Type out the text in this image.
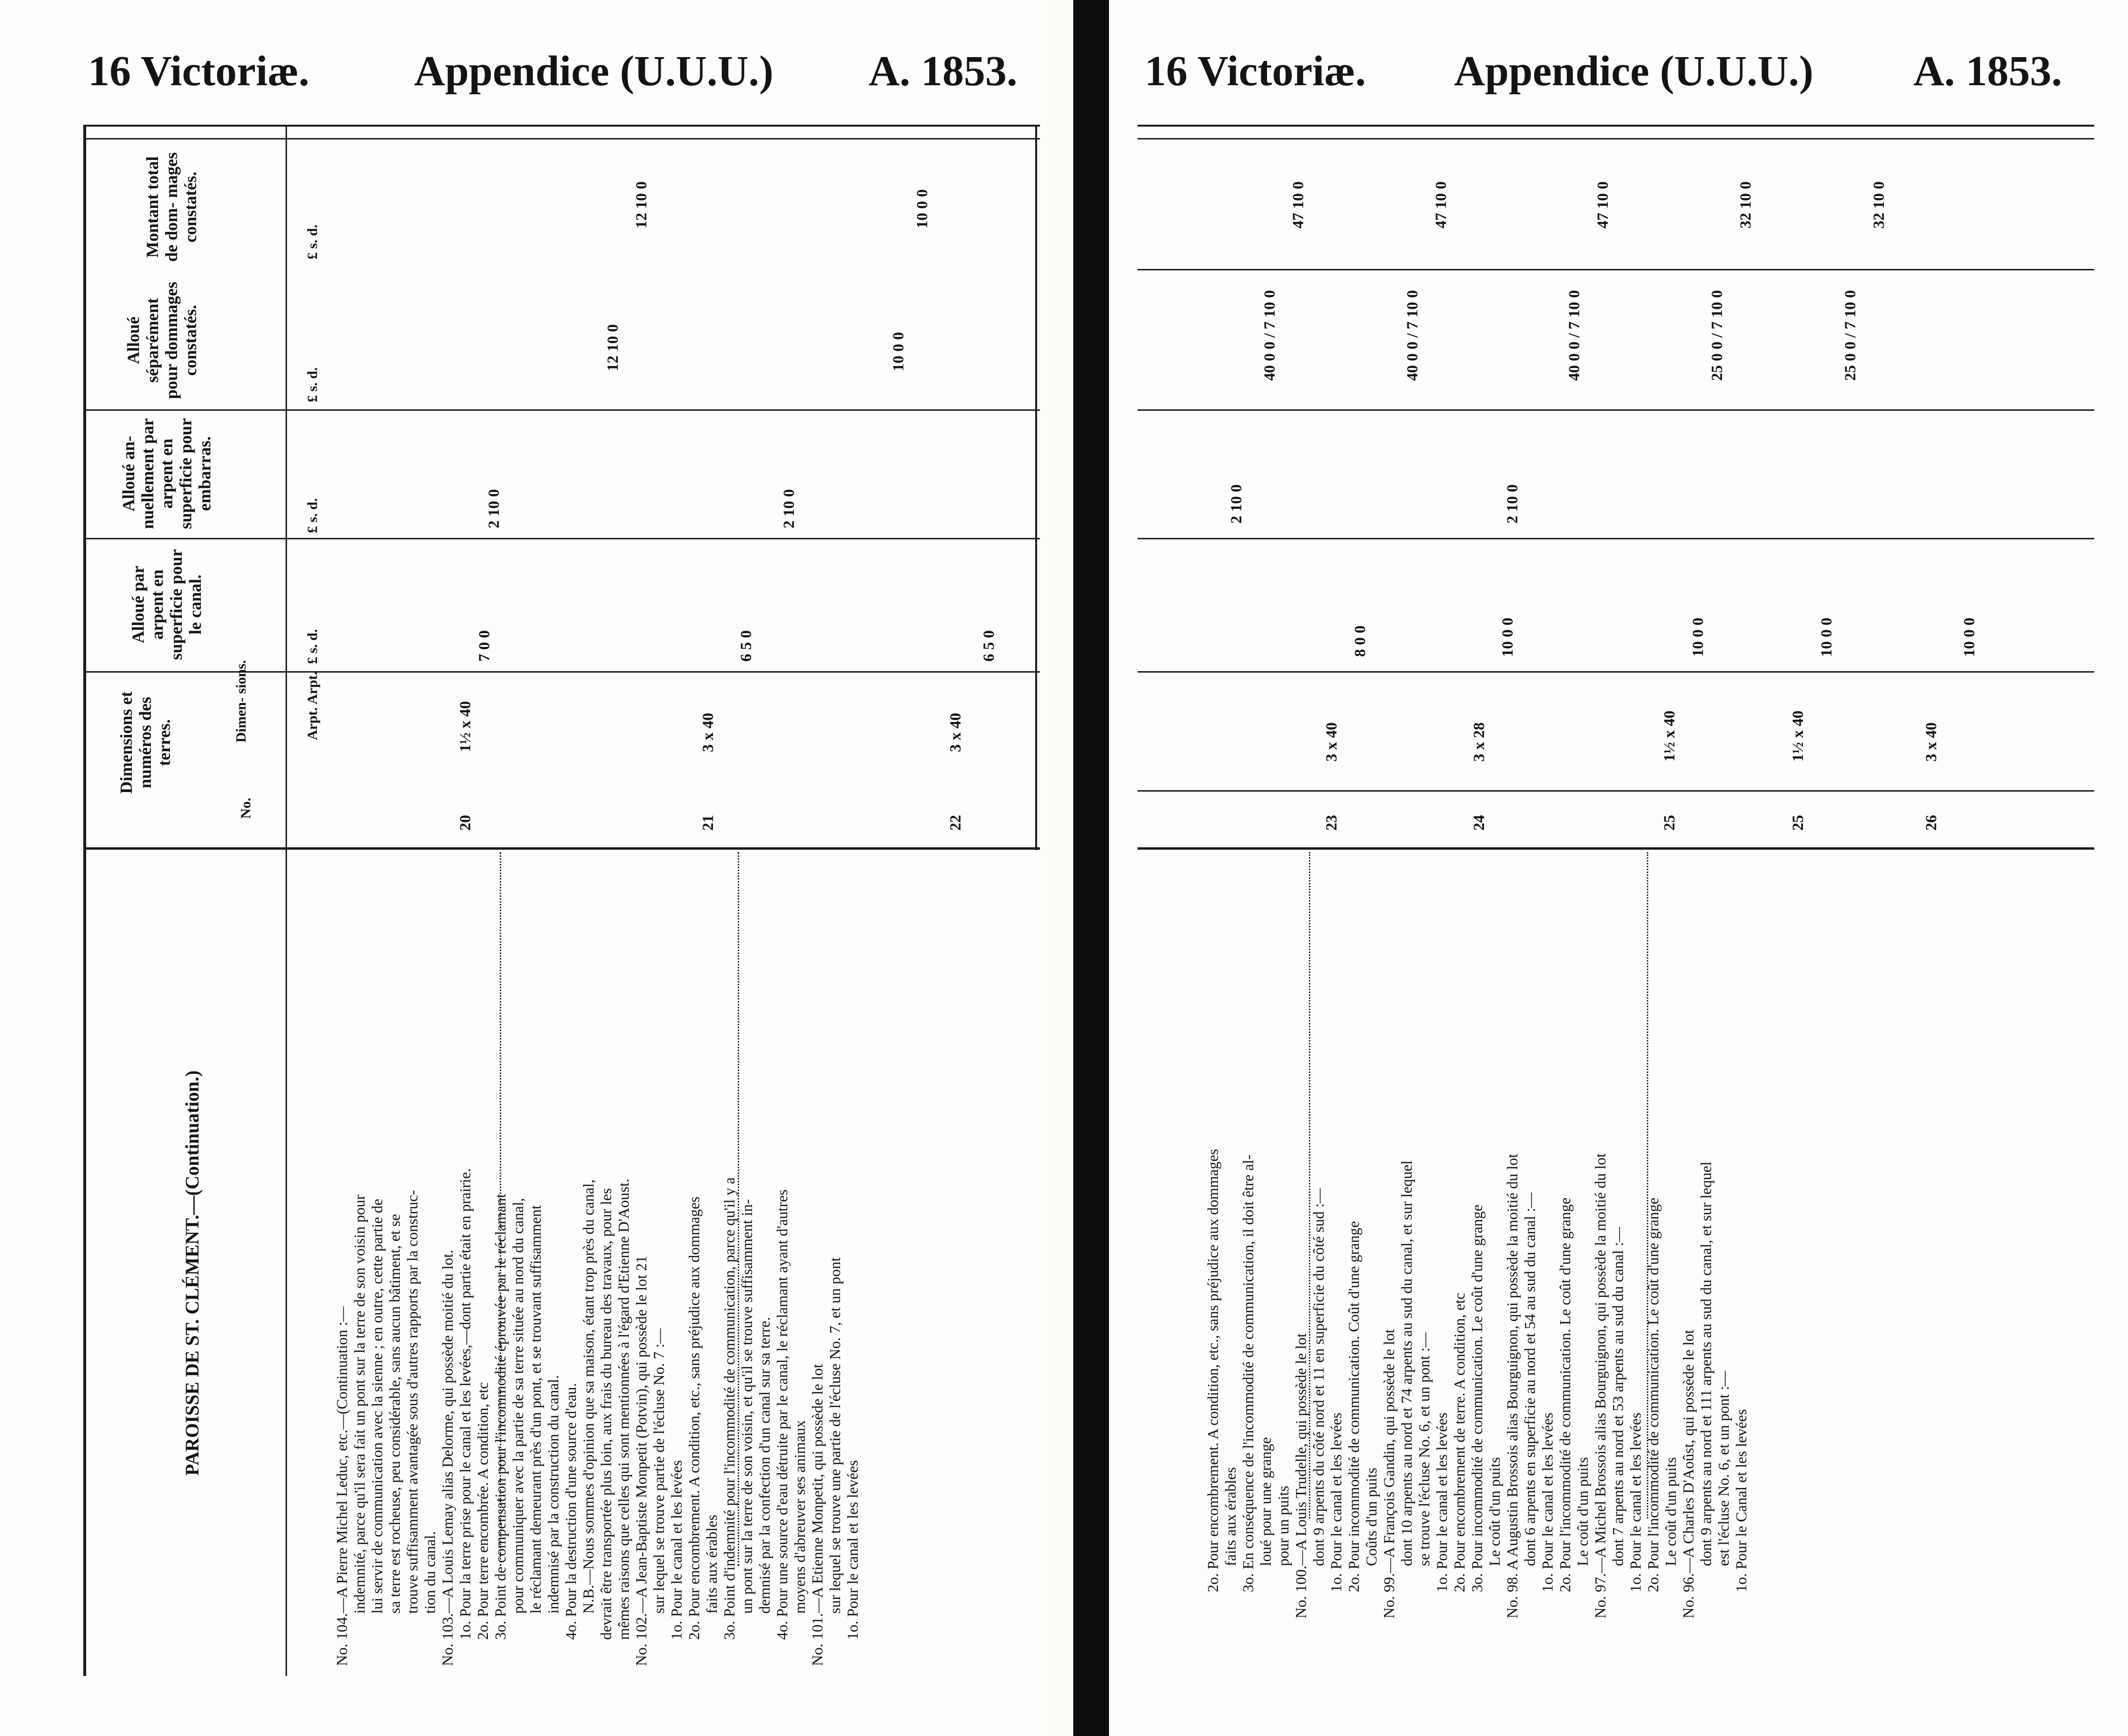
16 Victoriæ. Appendice (U.U.U.) A. 1853.
PAROISSE DE ST. CLÉMENT.—(Continuation.)
Dimensions et numéros des terres.
No.
Dimen- sions.	Arpt. Arpt.
Alloué par arpent en superficie pour le canal.
Alloué an- nuellement par arpent en superficie pour embarras.
Alloué séparément pour dommages constatés.
Montant total de dom- mages constatés.
£ s. d.
£ s. d.
£ s. d.
£ s. d.
No. 104.—A Pierre Michel Leduc, etc.—(Continuation :— indemnité, parce qu'il sera fait un pont sur la terre de son voisin pour lui servir de communication avec la sienne ; en outre, cette partie de sa terre est rocheuse, peu considérable, sans aucun bâtiment, et se trouve suffisamment avantagée sous d'autres rapports par la construc- tion du canal. No. 103.—A Louis Lemay alias Delorme, qui possède moitié du lot. 1o. Pour la terre prise pour le canal et les levées,—dont partie était en prairie. 2o. Pour terre encombrée. A condition, etc 3o. Point de compensation pour l'incommodité éprouvée par le réclamant pour communiquer avec la partie de sa terre située au nord du canal, le réclamant demeurant près d'un pont, et se trouvant suffisamment indemnisé par la construction du canal. 4o. Pour la destruction d'une source d'eau. N.B.—Nous sommes d'opinion que sa maison, étant trop près du canal, devrait être transportée plus loin, aux frais du bureau des travaux, pour les mêmes raisons que celles qui sont mentionnées à l'égard d'Etienne D'Aoust. No. 102.—A Jean-Baptiste Monpetit (Potvin), qui possède le lot 21 sur lequel se trouve partie de l'écluse No. 7 :— 1o. Pour le canal et les levées 2o. Pour encombrement. A condition, etc., sans préjudice aux dommages faits aux érables 3o. Point d'indemnité pour l'incommodité de communication, parce qu'il y a un pont sur la terre de son voisin, et qu'il se trouve suffisamment in- demnisé par la confection d'un canal sur sa terre. 4o. Pour une source d'eau détruite par le canal, le réclamant ayant d'autres moyens d'abreuver ses animaux No. 101.—A Etienne Monpetit, qui possède le lot sur lequel se trouve une partie de l'écluse No. 7, et un pont 1o. Pour le canal et les levées
20
1½ x 40
7 0 0
2 10 0
12 10 0
12 10 0
21
3 x 40
6 5 0
2 10 0
10 0 0
10 0 0
22
3 x 40
6 5 0
16 Victoriæ. Appendice (U.U.U.) A. 1853.
2o. Pour encombrement. A condition, etc., sans préjudice aux dommages faits aux érables 3o. En conséquence de l'incommodité de communication, il doit être al- loué pour une grange pour un puits No. 100.—A Louis Trudelle, qui possède le lot dont 9 arpents du côté nord et 11 en superficie du côté sud :— 1o. Pour le canal et les levées 2o. Pour incommodité de communication. Coût d'une grange Coûts d'un puits No. 99.—A François Gandin, qui possède le lot dont 10 arpents au nord et 74 arpents au sud du canal, et sur lequel se trouve l'écluse No. 6, et un pont :— 1o. Pour le canal et les levées 2o. Pour encombrement de terre. A condition, etc 3o. Pour incommodité de communication. Le coût d'une grange Le coût d'un puits No. 98. A Augustin Brossois alias Bourguignon, qui possède la moitié du lot dont 6 arpents en superficie au nord et 54 au sud du canal :— 1o. Pour le canal et les levées 2o. Pour l'incommodité de communication. Le coût d'une grange Le coût d'un puits No. 97.—A Michel Brossois alias Bourguignon, qui possède la moitié du lot dont 7 arpents au nord et 53 arpents au sud du canal :— 1o. Pour le canal et les levées 2o. Pour l'incommodité de communication. Le coût d'une grange Le coût d'un puits No. 96.—A Charles D'Aoûst, qui possède le lot dont 9 arpents au nord et 111 arpents au sud du canal, et sur lequel est l'écluse No. 6, et un pont :— 1o. Pour le Canal et les levées
2 10 0
40 0 0 / 7 10 0
47 10 0
23
3 x 40
8 0 0
40 0 0 / 7 10 0
47 10 0
24
3 x 28
10 0 0
2 10 0
40 0 0 / 7 10 0
47 10 0
25
1½ x 40
10 0 0
25 0 0 / 7 10 0
32 10 0
25
1½ x 40
10 0 0
25 0 0 / 7 10 0
32 10 0
26
3 x 40
10 0 0
